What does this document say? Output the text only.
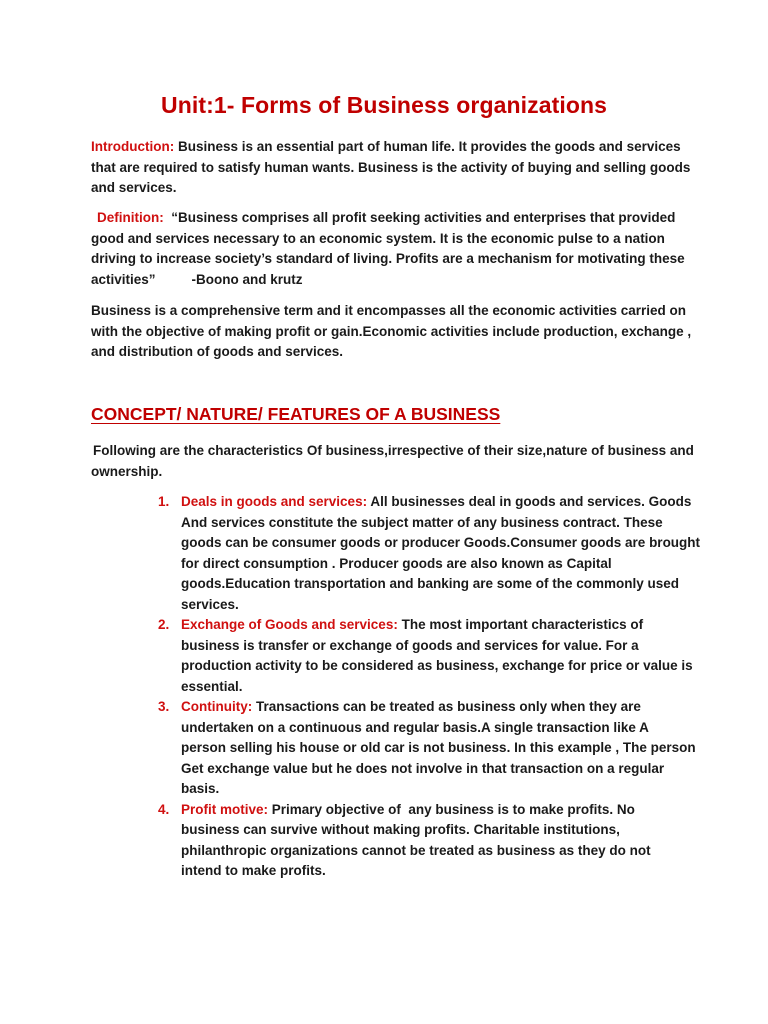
Unit:1- Forms of Business organizations
Introduction: Business is an essential part of human life. It provides the goods and services
that are required to satisfy human wants. Business is the activity of buying and selling goods
and services.
Definition:  “Business comprises all profit seeking activities and enterprises that provided
good and services necessary to an economic system. It is the economic pulse to a nation
driving to increase society’s standard of living. Profits are a mechanism for motivating these
activities”	-Boono and krutz
Business is a comprehensive term and it encompasses all the economic activities carried on
with the objective of making profit or gain.Economic activities include production, exchange ,
and distribution of goods and services.
CONCEPT/ NATURE/ FEATURES OF A BUSINESS
Following are the characteristics Of business,irrespective of their size,nature of business and
ownership.
1. Deals in goods and services: All businesses deal in goods and services. Goods
And services constitute the subject matter of any business contract. These
goods can be consumer goods or producer Goods.Consumer goods are brought
for direct consumption . Producer goods are also known as Capital
goods.Education transportation and banking are some of the commonly used
services.
2. Exchange of Goods and services: The most important characteristics of
business is transfer or exchange of goods and services for value. For a
production activity to be considered as business, exchange for price or value is
essential.
3. Continuity: Transactions can be treated as business only when they are
undertaken on a continuous and regular basis.A single transaction like A
person selling his house or old car is not business. In this example , The person
Get exchange value but he does not involve in that transaction on a regular
basis.
4. Profit motive: Primary objective of  any business is to make profits. No
business can survive without making profits. Charitable institutions,
philanthropic organizations cannot be treated as business as they do not
intend to make profits.
